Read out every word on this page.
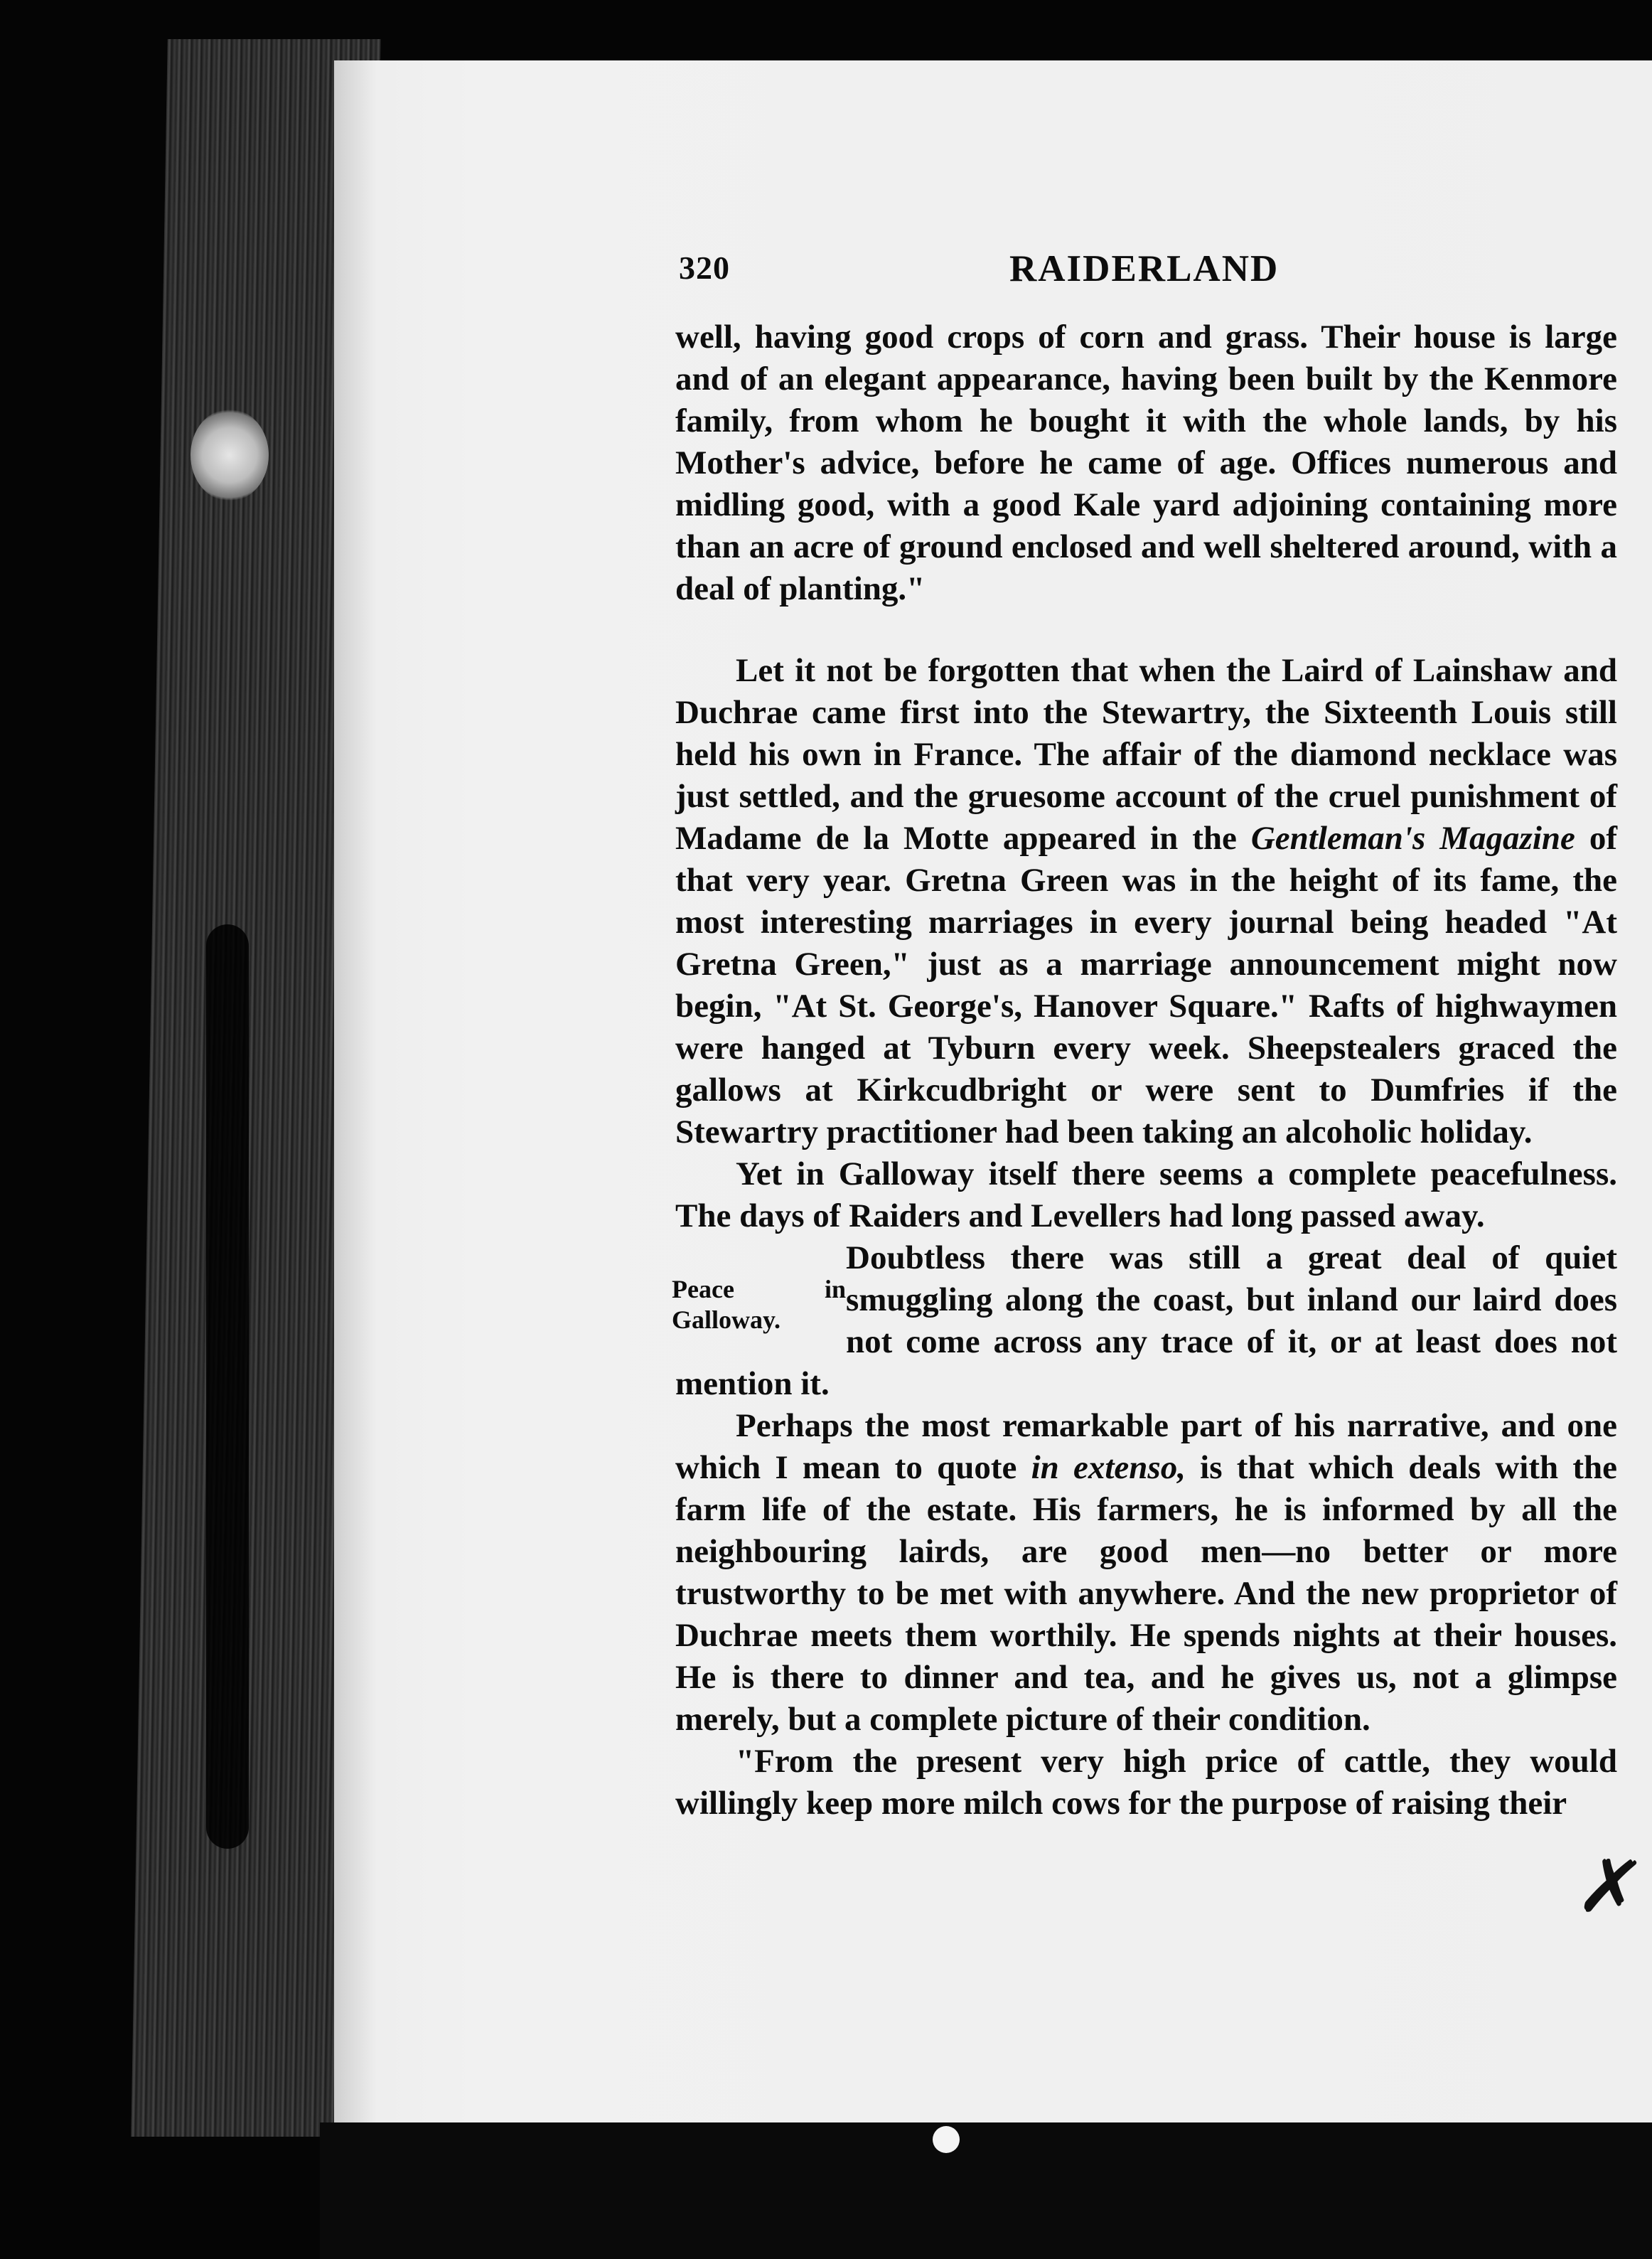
320	RAIDERLAND

well, having good crops of corn and grass. Their house is large and of an elegant appearance, having been built by the Kenmore family, from whom he bought it with the whole lands, by his Mother's advice, before he came of age. Offices numerous and midling good, with a good Kale yard adjoining containing more than an acre of ground enclosed and well sheltered around, with a deal of planting."

Let it not be forgotten that when the Laird of Lainshaw and Duchrae came first into the Stewartry, the Sixteenth Louis still held his own in France. The affair of the diamond necklace was just settled, and the gruesome account of the cruel punishment of Madame de la Motte appeared in the Gentleman's Magazine of that very year. Gretna Green was in the height of its fame, the most interesting marriages in every journal being headed "At Gretna Green," just as a marriage announcement might now begin, "At St. George's, Hanover Square." Rafts of highwaymen were hanged at Tyburn every week. Sheepstealers graced the gallows at Kirkcudbright or were sent to Dumfries if the Stewartry practitioner had been taking an alcoholic holiday.

Yet in Galloway itself there seems a complete peacefulness. The days of Raiders and Levellers had long passed away.

Peace in Galloway.
Doubtless there was still a great deal of quiet smuggling along the coast, but inland our laird does not come across any trace of it, or at least does not mention it.

Perhaps the most remarkable part of his narrative, and one which I mean to quote in extenso, is that which deals with the farm life of the estate. His farmers, he is informed by all the neighbouring lairds, are good men—no better or more trustworthy to be met with anywhere. And the new proprietor of Duchrae meets them worthily. He spends nights at their houses. He is there to dinner and tea, and he gives us, not a glimpse merely, but a complete picture of their condition.

"From the present very high price of cattle, they would willingly keep more milch cows for the purpose of raising their

✗
